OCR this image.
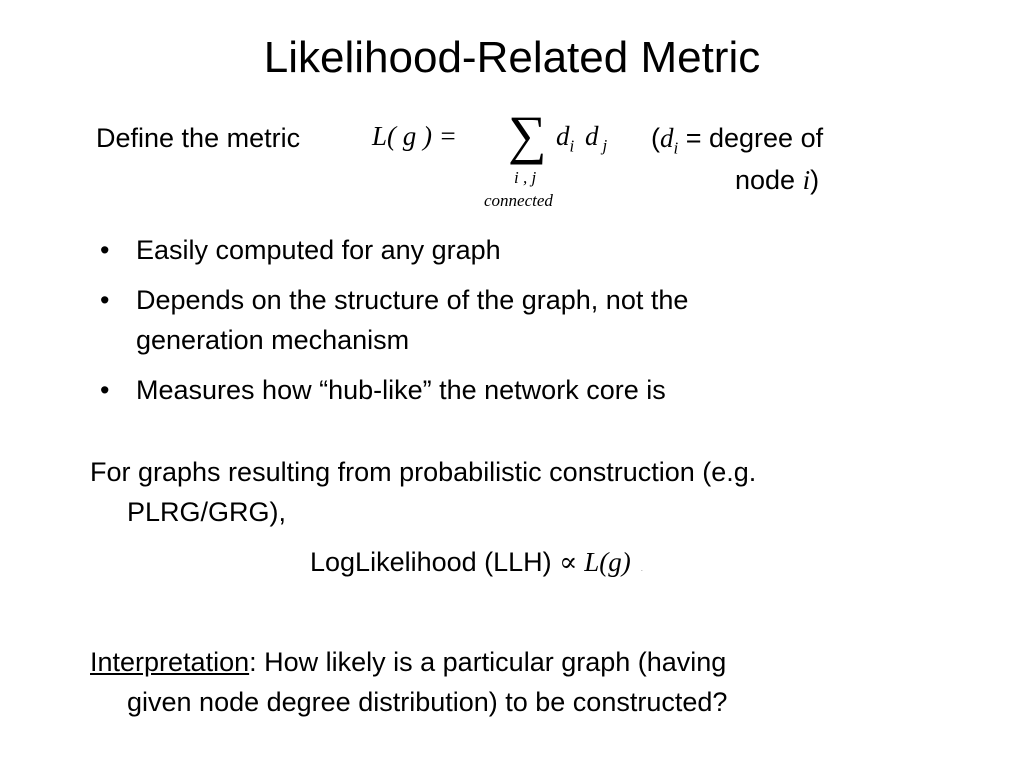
Likelihood-Related Metric
Define the metric	L( g ) = ∑ $d_i$ d $_j$
i , j
connected
($d_i$ = degree of
node i)
• Easily computed for any graph
• Depends on the structure of the graph, not the
generation mechanism
• Measures how “hub-like” the network core is
For graphs resulting from probabilistic construction (e.g.
PLRG/GRG),
LogLikelihood (LLH) ∝ L(g) .
Interpretation: How likely is a particular graph (having
given node degree distribution) to be constructed?
